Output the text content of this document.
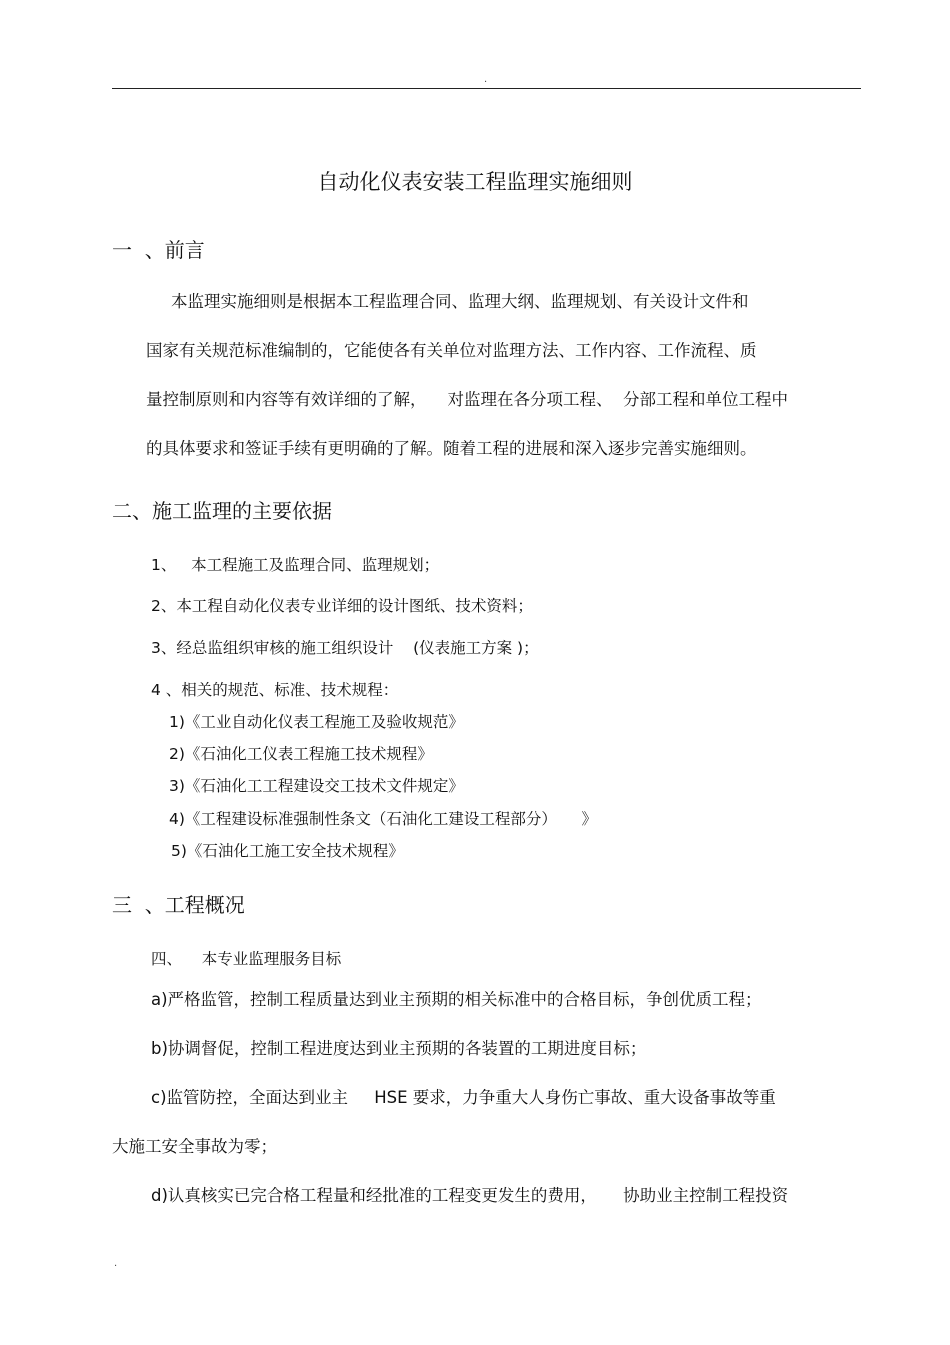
.
自动化仪表安装工程监理实施细则
一  、前言
本监理实施细则是根据本工程监理合同、监理大纲、监理规划、有关设计文件和
国家有关规范标准编制的，它能使各有关单位对监理方法、工作内容、工作流程、质
量控制原则和内容等有效详细的了解，    对监理在各分项工程、  分部工程和单位工程中
的具体要求和签证手续有更明确的了解。随着工程的进展和深入逐步完善实施细则。
二、施工监理的主要依据
1、   本工程施工及监理合同、监理规划；
2、本工程自动化仪表专业详细的设计图纸、技术资料；
3、经总监组织审核的施工组织设计    (仪表施工方案 )；
4 、相关的规范、标准、技术规程：
1)《工业自动化仪表工程施工及验收规范》
2)《石油化工仪表工程施工技术规程》
3)《石油化工工程建设交工技术文件规定》
4)《工程建设标准强制性条文（石油化工建设工程部分）     》
5)《石油化工施工安全技术规程》
三  、工程概况
四、    本专业监理服务目标
a)严格监管，控制工程质量达到业主预期的相关标准中的合格目标，争创优质工程；
b)协调督促，控制工程进度达到业主预期的各装置的工期进度目标；
c)监管防控，全面达到业主     HSE 要求，力争重大人身伤亡事故、重大设备事故等重
大施工安全事故为零；
d)认真核实已完合格工程量和经批准的工程变更发生的费用，     协助业主控制工程投资
.
